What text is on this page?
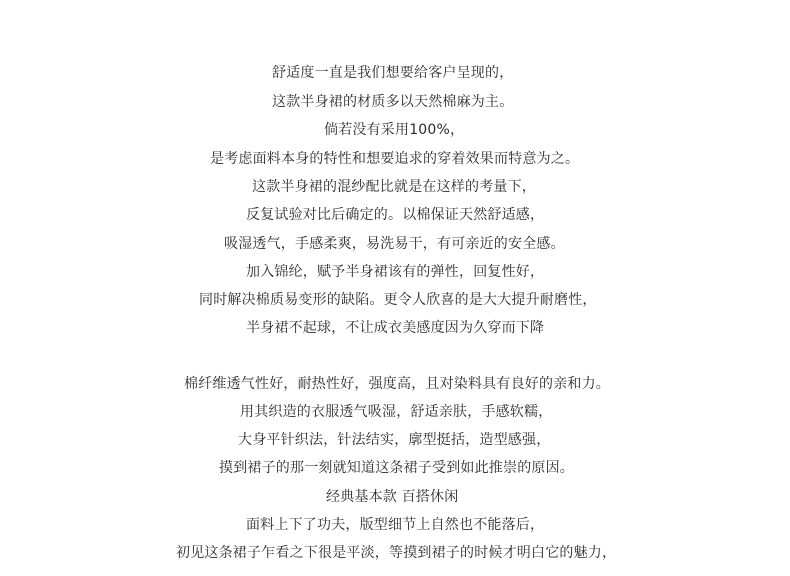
舒适度一直是我们想要给客户呈现的，
这款半身裙的材质多以天然棉麻为主。
倘若没有采用100%，
是考虑面料本身的特性和想要追求的穿着效果而特意为之。
这款半身裙的混纱配比就是在这样的考量下，
反复试验对比后确定的。以棉保证天然舒适感，
吸湿透气，手感柔爽，易洗易干，有可亲近的安全感。
加入锦纶，赋予半身裙该有的弹性，回复性好，
同时解决棉质易变形的缺陷。更令人欣喜的是大大提升耐磨性，
半身裙不起球，不让成衣美感度因为久穿而下降
棉纤维透气性好，耐热性好，强度高，且对染料具有良好的亲和力。
用其织造的衣服透气吸湿，舒适亲肤，手感软糯，
大身平针织法，针法结实，廓型挺括，造型感强，
摸到裙子的那一刻就知道这条裙子受到如此推崇的原因。
经典基本款 百搭休闲
面料上下了功夫，版型细节上自然也不能落后，
初见这条裙子乍看之下很是平淡，等摸到裙子的时候才明白它的魅力，
